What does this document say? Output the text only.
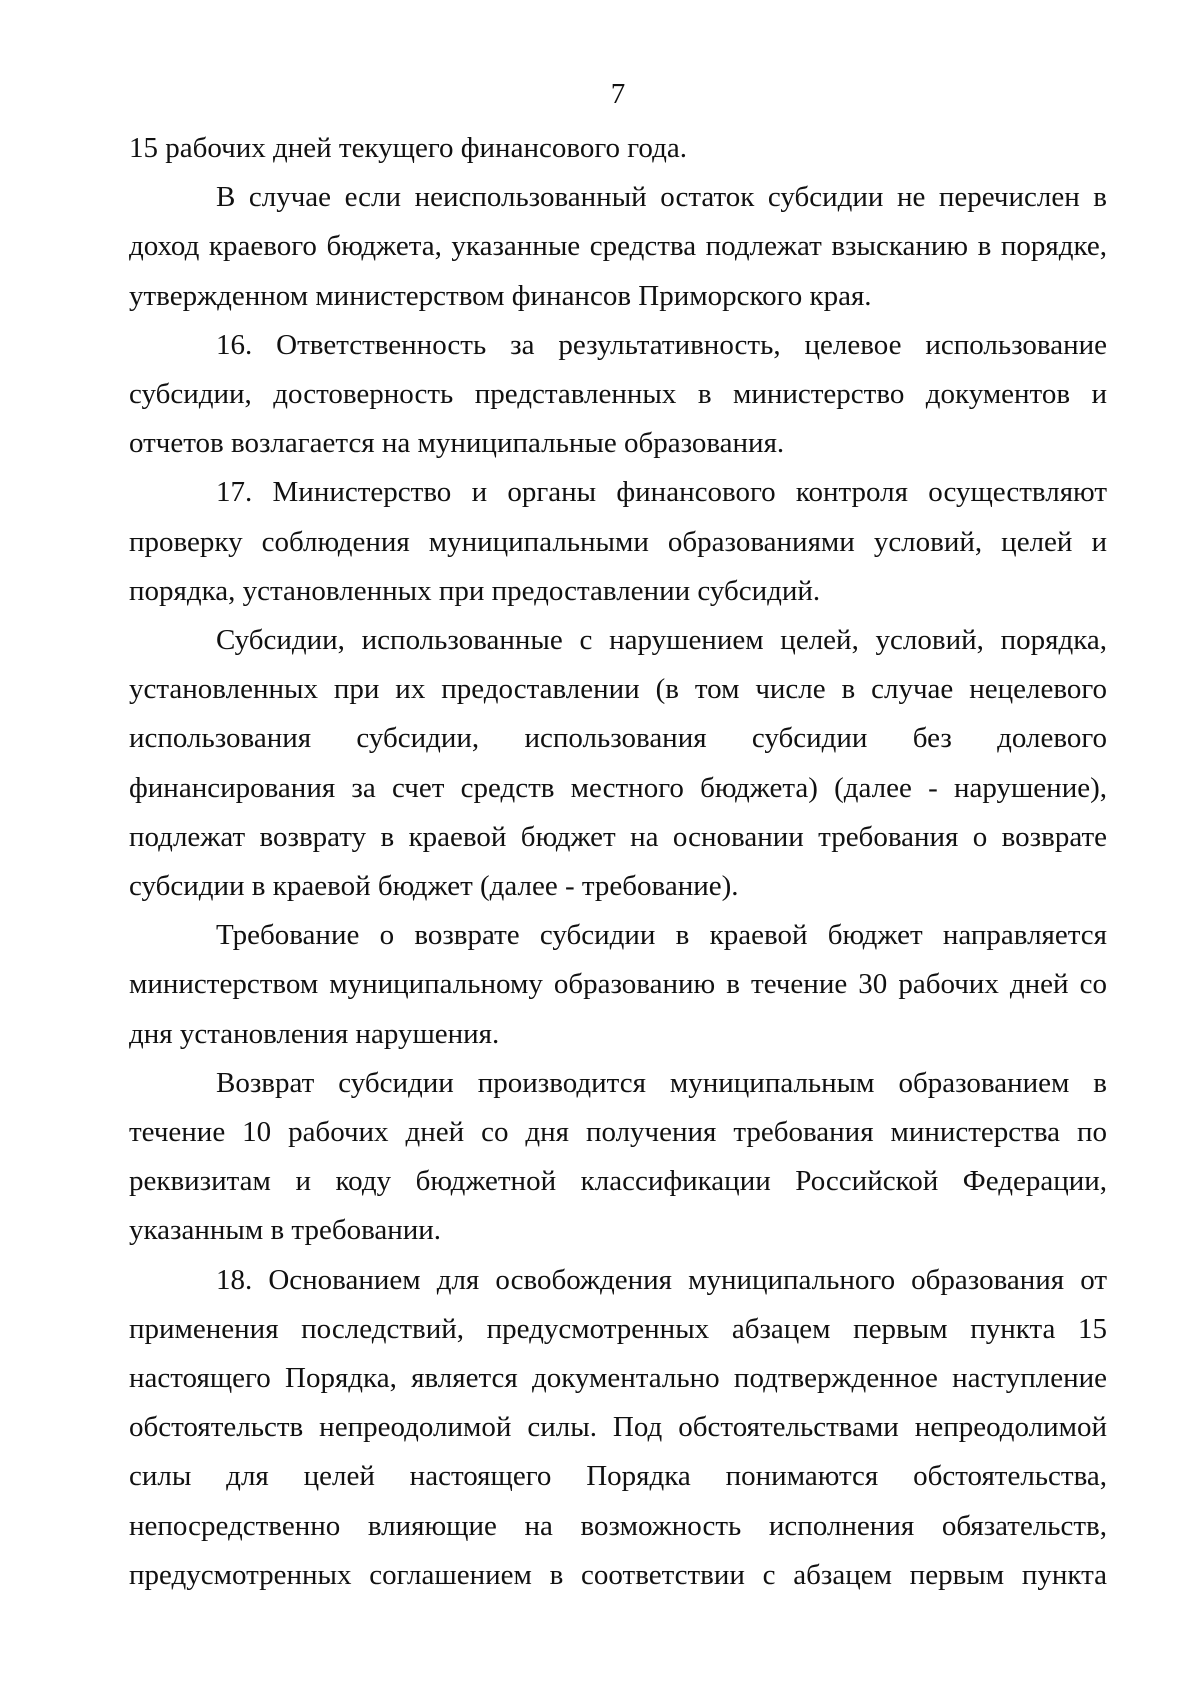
7

15 рабочих дней текущего финансового года.

В случае если неиспользованный остаток субсидии не перечислен в доход краевого бюджета, указанные средства подлежат взысканию в порядке, утвержденном министерством финансов Приморского края.

16. Ответственность за результативность, целевое использование субсидии, достоверность представленных в министерство документов и отчетов возлагается на муниципальные образования.

17. Министерство и органы финансового контроля осуществляют проверку соблюдения муниципальными образованиями условий, целей и порядка, установленных при предоставлении субсидий.

Субсидии, использованные с нарушением целей, условий, порядка, установленных при их предоставлении (в том числе в случае нецелевого использования субсидии, использования субсидии без долевого финансирования за счет средств местного бюджета) (далее - нарушение), подлежат возврату в краевой бюджет на основании требования о возврате субсидии в краевой бюджет (далее - требование).

Требование о возврате субсидии в краевой бюджет направляется министерством муниципальному образованию в течение 30 рабочих дней со дня установления нарушения.

Возврат субсидии производится муниципальным образованием в течение 10 рабочих дней со дня получения требования министерства по реквизитам и коду бюджетной классификации Российской Федерации, указанным в требовании.

18. Основанием для освобождения муниципального образования от применения последствий, предусмотренных абзацем первым пункта 15 настоящего Порядка, является документально подтвержденное наступление обстоятельств непреодолимой силы. Под обстоятельствами непреодолимой силы для целей настоящего Порядка понимаются обстоятельства, непосредственно влияющие на возможность исполнения обязательств, предусмотренных соглашением в соответствии с абзацем первым пункта
